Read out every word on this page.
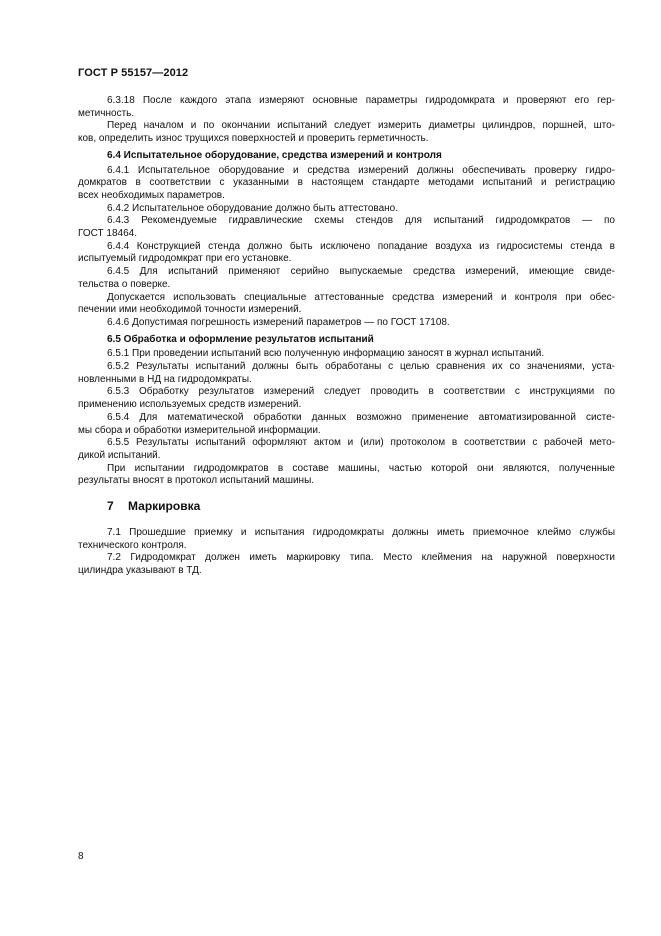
ГОСТ Р 55157—2012
6.3.18 После каждого этапа измеряют основные параметры гидродомкрата и проверяют его гер-
метичность.
Перед началом и по окончании испытаний следует измерить диаметры цилиндров, поршней, што-
ков, определить износ трущихся поверхностей и проверить герметичность.
6.4 Испытательное оборудование, средства измерений и контроля
6.4.1 Испытательное оборудование и средства измерений должны обеспечивать проверку гидро-
домкратов в соответствии с указанными в настоящем стандарте методами испытаний и регистрацию
всех необходимых параметров.
6.4.2 Испытательное оборудование должно быть аттестовано.
6.4.3 Рекомендуемые гидравлические схемы стендов для испытаний гидродомкратов — по
ГОСТ 18464.
6.4.4 Конструкцией стенда должно быть исключено попадание воздуха из гидросистемы стенда в
испытуемый гидродомкрат при его установке.
6.4.5 Для испытаний применяют серийно выпускаемые средства измерений, имеющие свиде-
тельства о поверке.
Допускается использовать специальные аттестованные средства измерений и контроля при обес-
печении ими необходимой точности измерений.
6.4.6 Допустимая погрешность измерений параметров — по ГОСТ 17108.
6.5 Обработка и оформление результатов испытаний
6.5.1 При проведении испытаний всю полученную информацию заносят в журнал испытаний.
6.5.2 Результаты испытаний должны быть обработаны с целью сравнения их со значениями, уста-
новленными в НД на гидродомкраты.
6.5.3 Обработку результатов измерений следует проводить в соответствии с инструкциями по
применению используемых средств измерений.
6.5.4 Для математической обработки данных возможно применение автоматизированной систе-
мы сбора и обработки измерительной информации.
6.5.5 Результаты испытаний оформляют актом и (или) протоколом в соответствии с рабочей мето-
дикой испытаний.
При испытании гидродомкратов в составе машины, частью которой они являются, полученные
результаты вносят в протокол испытаний машины.
7 Маркировка
7.1 Прошедшие приемку и испытания гидродомкраты должны иметь приемочное клеймо службы
технического контроля.
7.2 Гидродомкрат должен иметь маркировку типа. Место клеймения на наружной поверхности
цилиндра указывают в ТД.
8
